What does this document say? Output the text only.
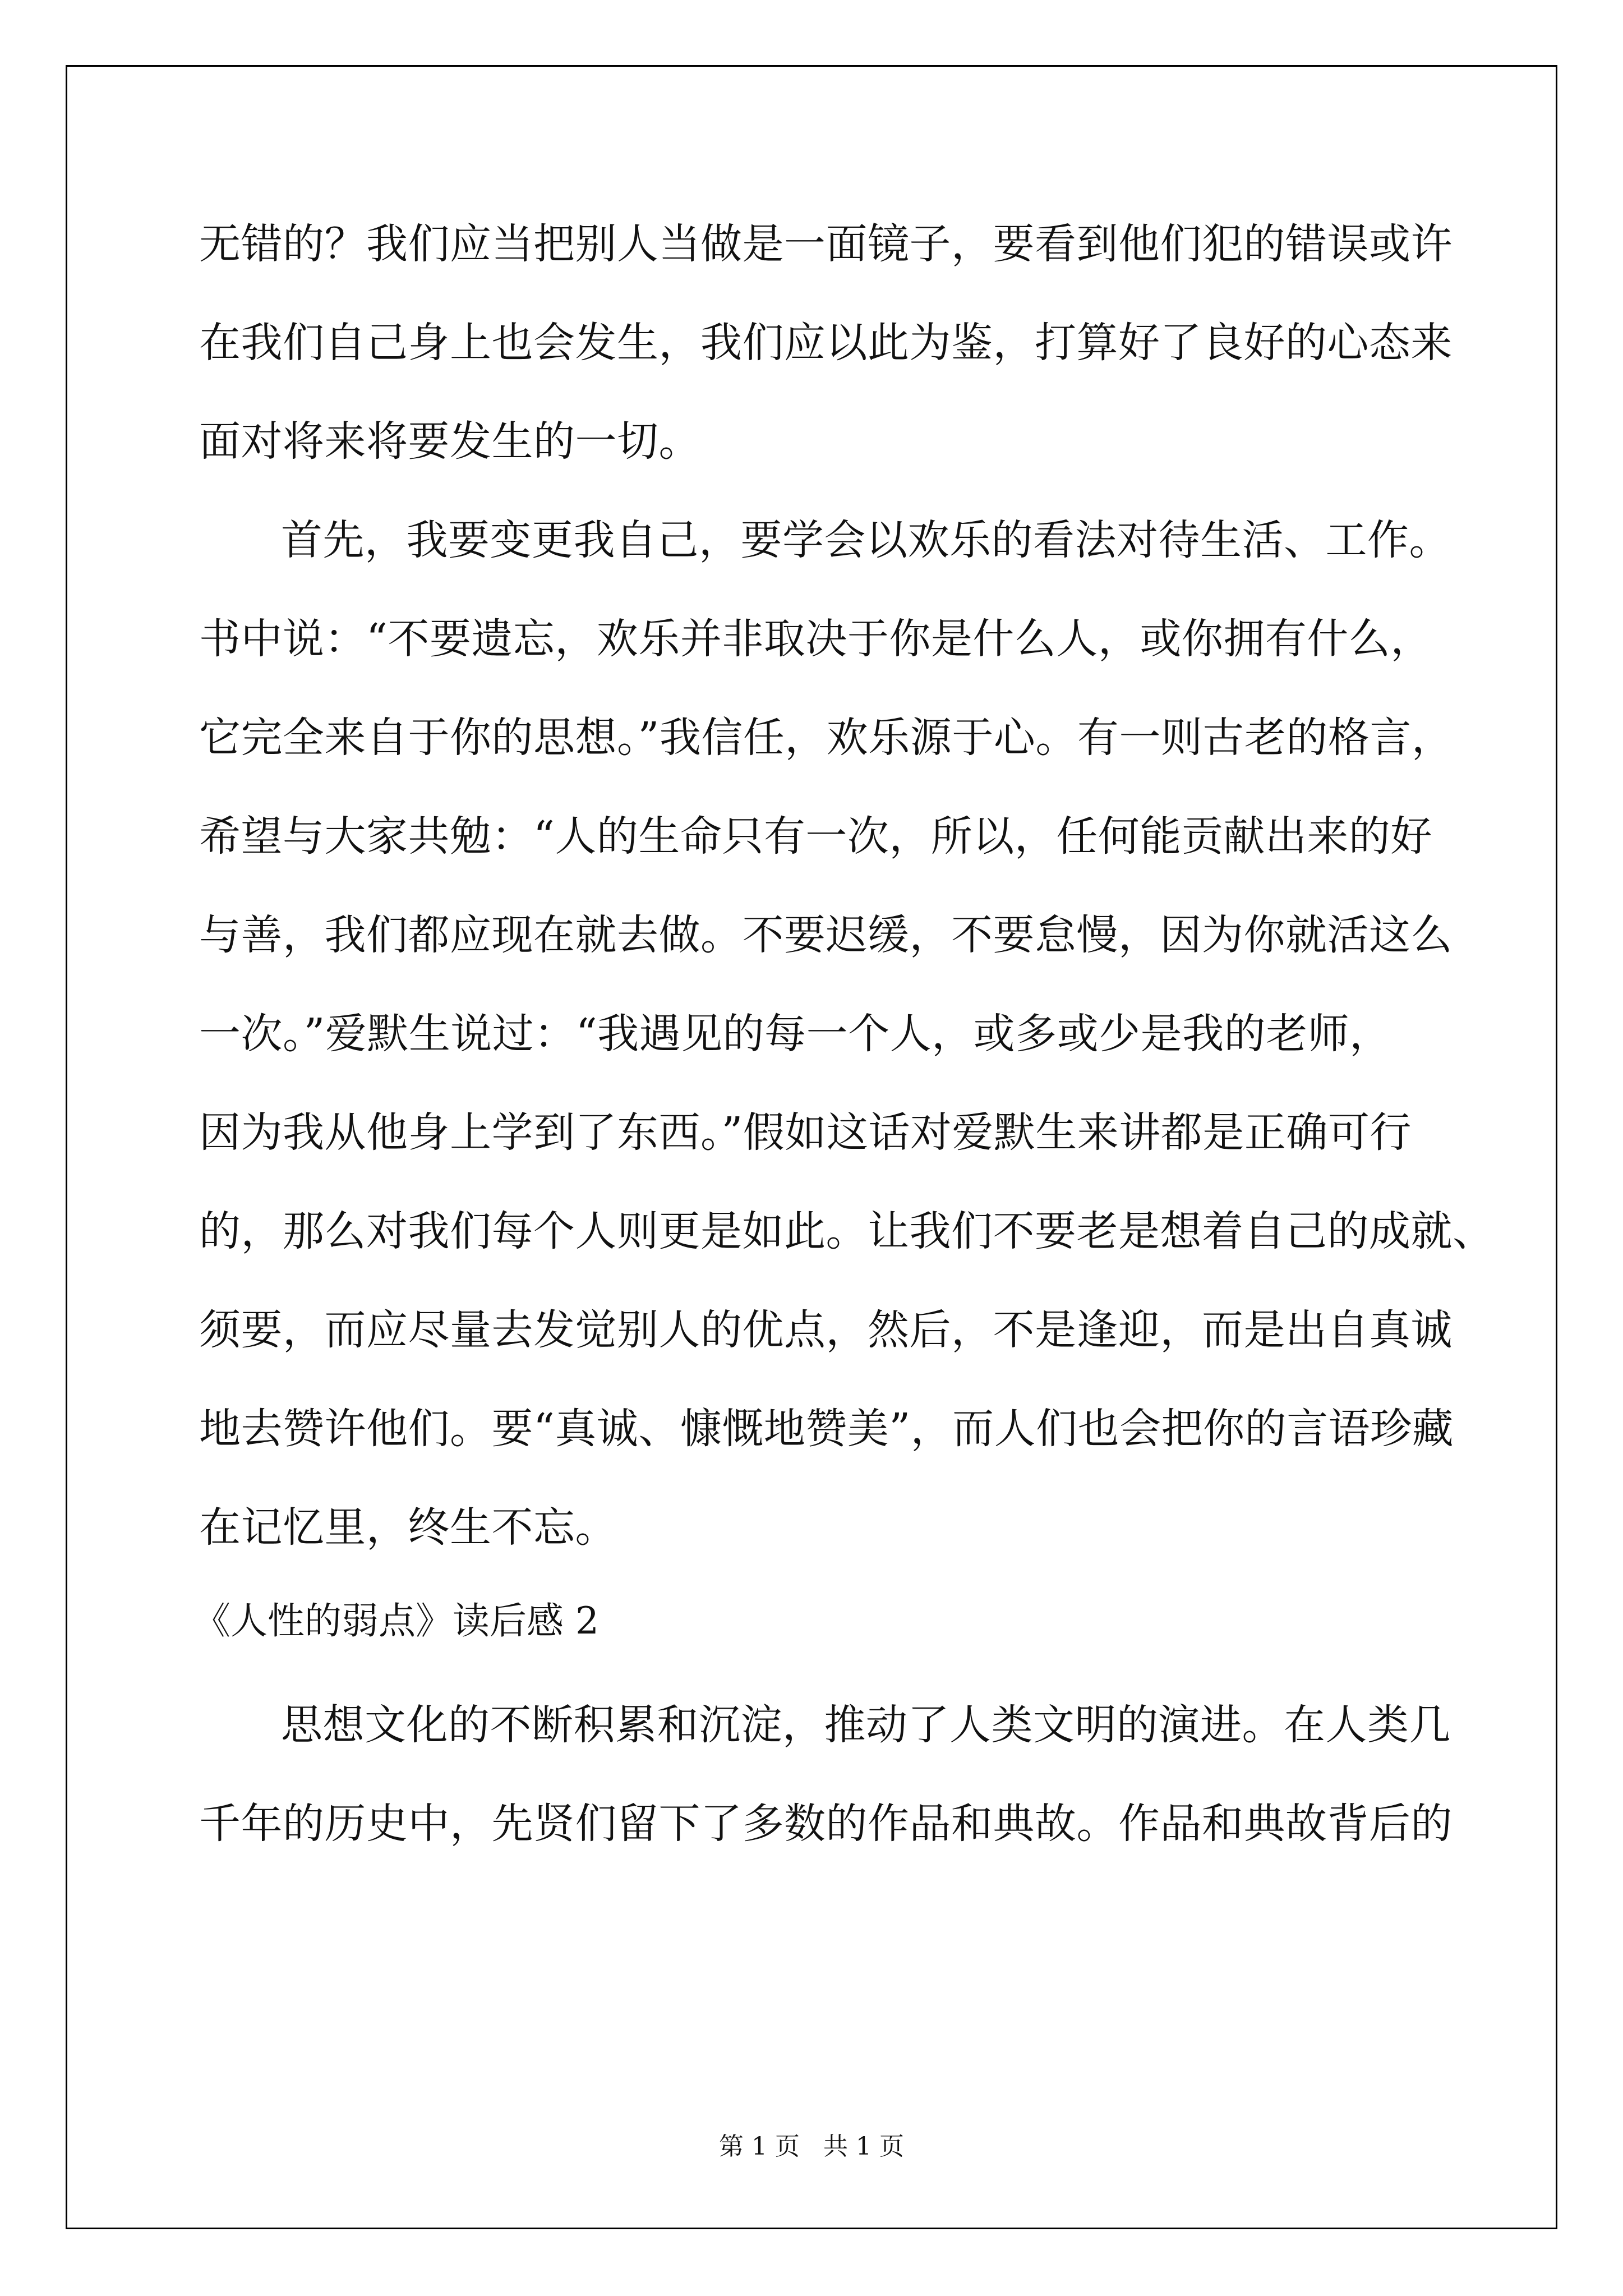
无错的？我们应当把别人当做是一面镜子，要看到他们犯的错误或许
在我们自己身上也会发生，我们应以此为鉴，打算好了良好的心态来
面对将来将要发生的一切。
首先，我要变更我自己，要学会以欢乐的看法对待生活、工作。
书中说：“不要遗忘，欢乐并非取决于你是什么人，或你拥有什么，
它完全来自于你的思想。”我信任，欢乐源于心。有一则古老的格言，
希望与大家共勉：“人的生命只有一次，所以，任何能贡献出来的好
与善，我们都应现在就去做。不要迟缓，不要怠慢，因为你就活这么
一次。”爱默生说过：“我遇见的每一个人，或多或少是我的老师，
因为我从他身上学到了东西。”假如这话对爱默生来讲都是正确可行
的，那么对我们每个人则更是如此。让我们不要老是想着自己的成就、
须要，而应尽量去发觉别人的优点，然后，不是逢迎，而是出自真诚
地去赞许他们。要“真诚、慷慨地赞美”，而人们也会把你的言语珍藏
在记忆里，终生不忘。
《人性的弱点》读后感 2
思想文化的不断积累和沉淀，推动了人类文明的演进。在人类几
千年的历史中，先贤们留下了多数的作品和典故。作品和典故背后的
第 1 页   共 1 页
